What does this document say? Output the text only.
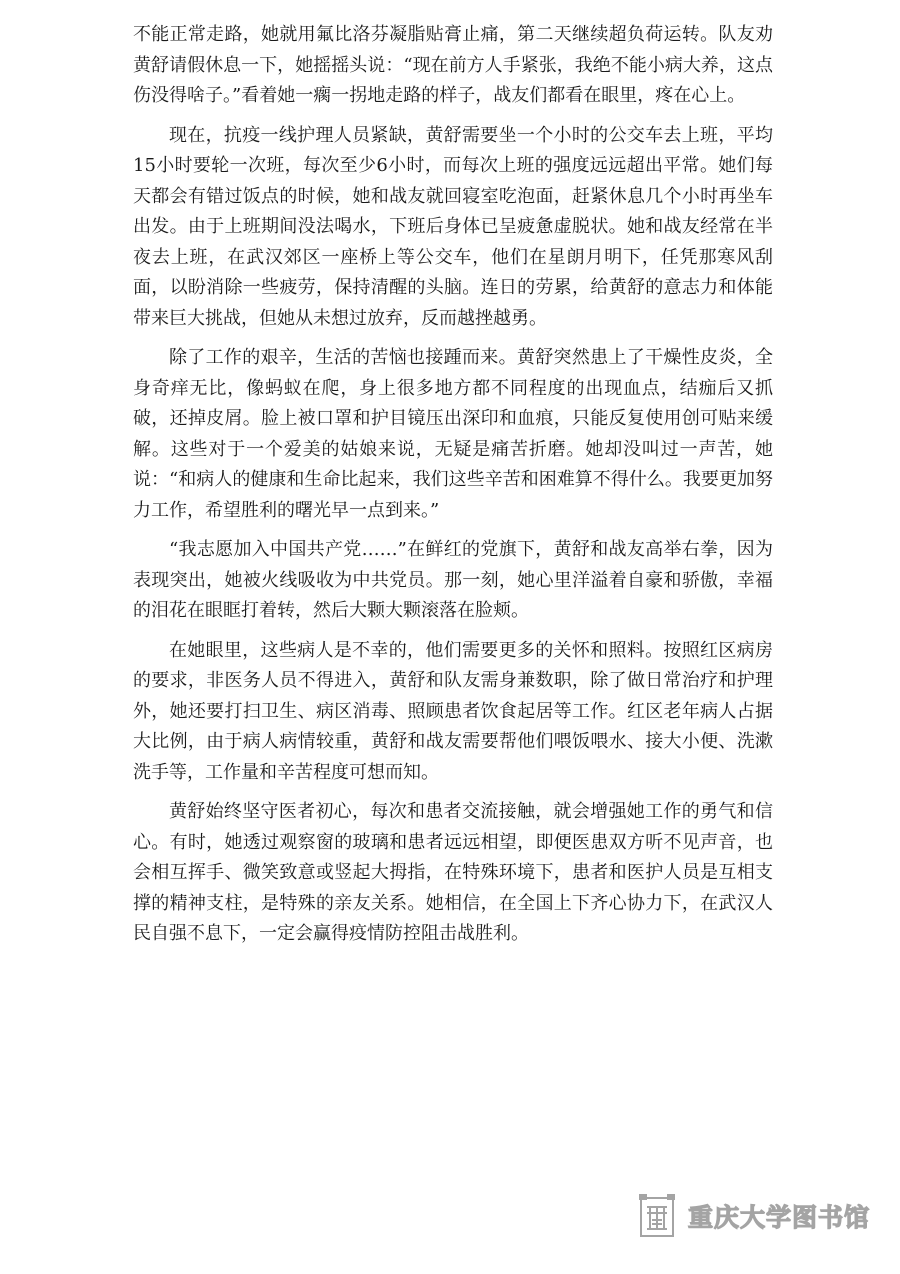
不能正常走路，她就用氟比洛芬凝脂贴膏止痛，第二天继续超负荷运转。队友劝黄舒请假休息一下，她摇摇头说：“现在前方人手紧张，我绝不能小病大养，这点伤没得啥子。”看着她一瘸一拐地走路的样子，战友们都看在眼里，疼在心上。

现在，抗疫一线护理人员紧缺，黄舒需要坐一个小时的公交车去上班，平均15小时要轮一次班，每次至少6小时，而每次上班的强度远远超出平常。她们每天都会有错过饭点的时候，她和战友就回寝室吃泡面，赶紧休息几个小时再坐车出发。由于上班期间没法喝水，下班后身体已呈疲惫虚脱状。她和战友经常在半夜去上班，在武汉郊区一座桥上等公交车，他们在星朗月明下，任凭那寒风刮面，以盼消除一些疲劳，保持清醒的头脑。连日的劳累，给黄舒的意志力和体能带来巨大挑战，但她从未想过放弃，反而越挫越勇。

除了工作的艰辛，生活的苦恼也接踵而来。黄舒突然患上了干燥性皮炎，全身奇痒无比，像蚂蚁在爬，身上很多地方都不同程度的出现血点，结痂后又抓破，还掉皮屑。脸上被口罩和护目镜压出深印和血痕，只能反复使用创可贴来缓解。这些对于一个爱美的姑娘来说，无疑是痛苦折磨。她却没叫过一声苦，她说：“和病人的健康和生命比起来，我们这些辛苦和困难算不得什么。我要更加努力工作，希望胜利的曙光早一点到来。”

“我志愿加入中国共产党……”在鲜红的党旗下，黄舒和战友高举右拳，因为表现突出，她被火线吸收为中共党员。那一刻，她心里洋溢着自豪和骄傲，幸福的泪花在眼眶打着转，然后大颗大颗滚落在脸颊。

在她眼里，这些病人是不幸的，他们需要更多的关怀和照料。按照红区病房的要求，非医务人员不得进入，黄舒和队友需身兼数职，除了做日常治疗和护理外，她还要打扫卫生、病区消毒、照顾患者饮食起居等工作。红区老年病人占据大比例，由于病人病情较重，黄舒和战友需要帮他们喂饭喂水、接大小便、洗漱洗手等，工作量和辛苦程度可想而知。

黄舒始终坚守医者初心，每次和患者交流接触，就会增强她工作的勇气和信心。有时，她透过观察窗的玻璃和患者远远相望，即便医患双方听不见声音，也会相互挥手、微笑致意或竖起大拇指，在特殊环境下，患者和医护人员是互相支撑的精神支柱，是特殊的亲友关系。她相信，在全国上下齐心协力下，在武汉人民自强不息下，一定会赢得疫情防控阻击战胜利。

重庆大学图书馆
